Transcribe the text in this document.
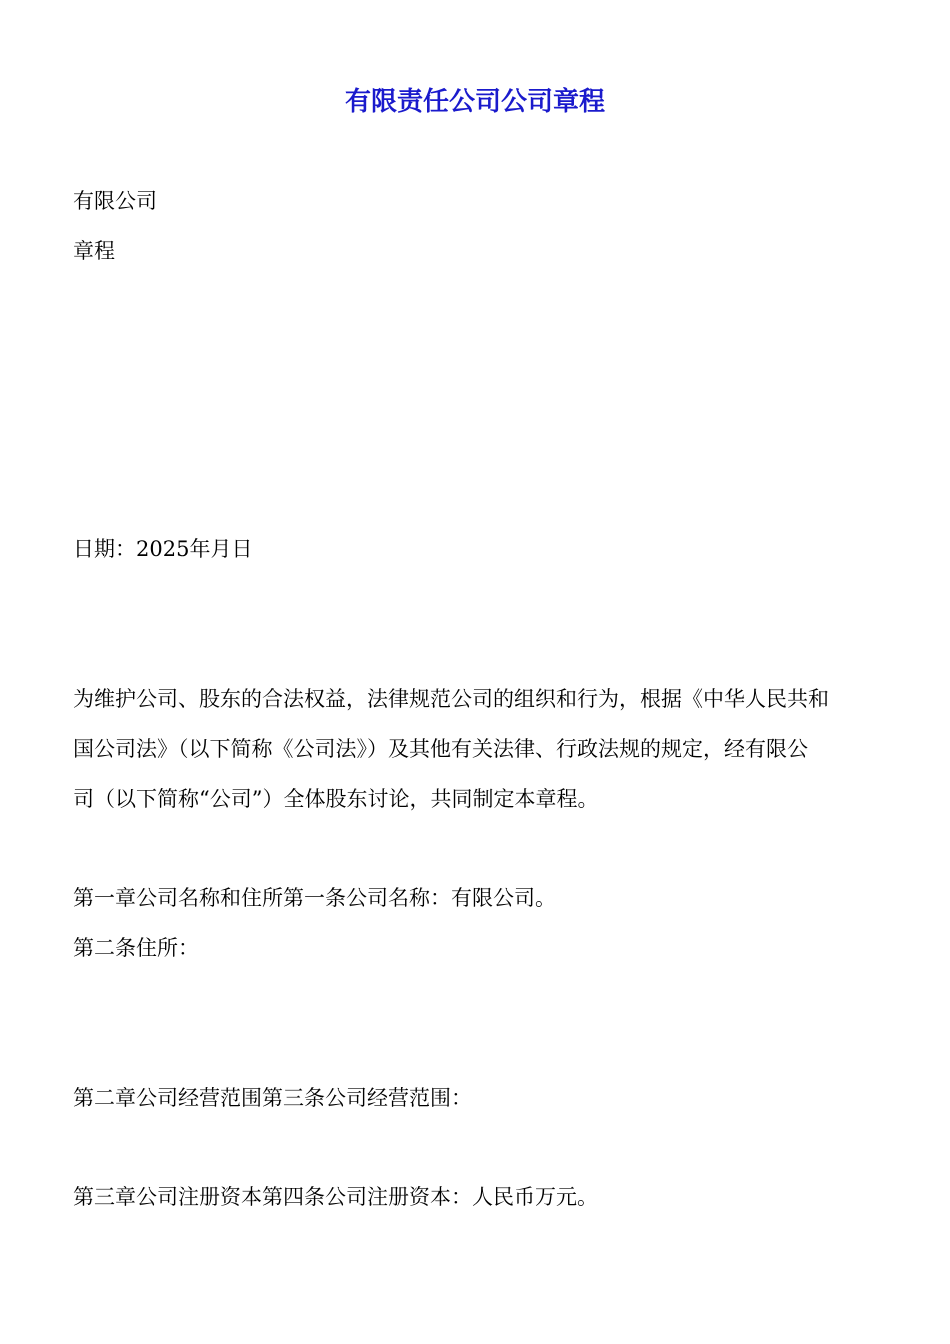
有限责任公司公司章程

有限公司

章程

日期：2025年月日

为维护公司、股东的合法权益，法律规范公司的组织和行为，根据《中华人民共和
国公司法》（以下简称《公司法》）及其他有关法律、行政法规的规定，经有限公
司（以下简称“公司”）全体股东讨论，共同制定本章程。

第一章公司名称和住所第一条公司名称：有限公司。

第二条住所：

第二章公司经营范围第三条公司经营范围：

第三章公司注册资本第四条公司注册资本：人民币万元。
